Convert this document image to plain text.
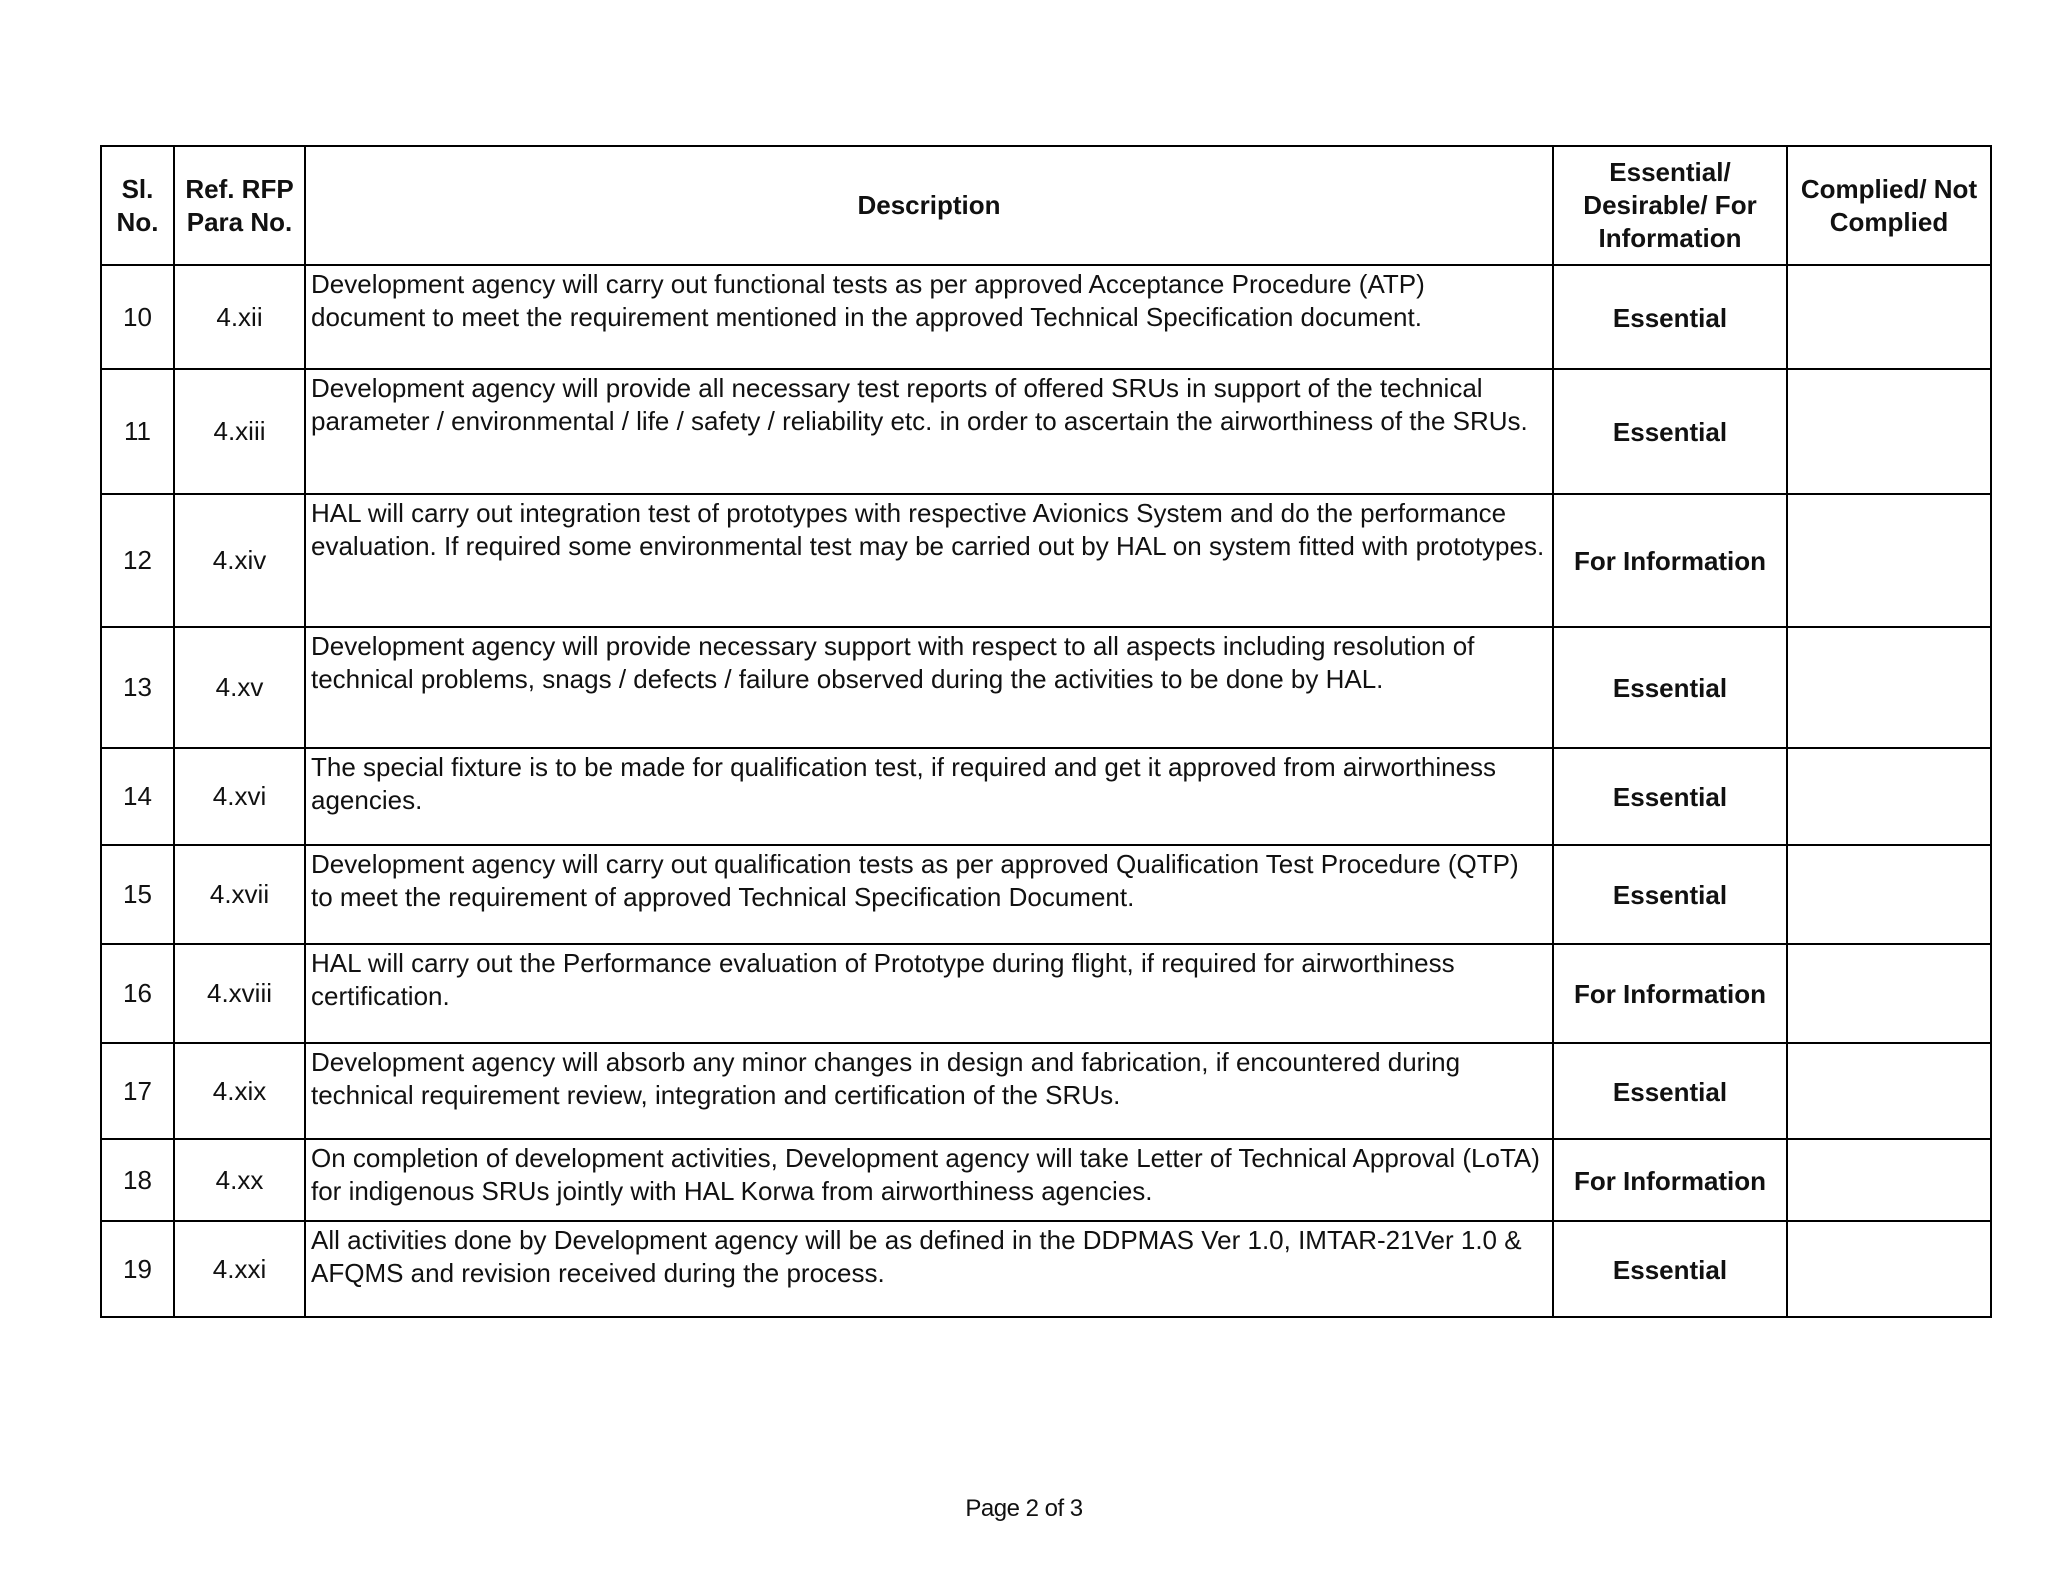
Sl. No.	Ref. RFP Para No.	Description	Essential/ Desirable/ For Information	Complied/ Not Complied
10	4.xii	Development agency will carry out functional tests as per approved Acceptance Procedure (ATP) document to meet the requirement mentioned in the approved Technical Specification document.	Essential	
11	4.xiii	Development agency will provide all necessary test reports of offered SRUs in support of the technical parameter / environmental / life / safety / reliability etc. in order to ascertain the airworthiness of the SRUs.	Essential	
12	4.xiv	HAL will carry out integration test of prototypes with respective Avionics System and do the performance evaluation. If required some environmental test may be carried out by HAL on system fitted with prototypes.	For Information	
13	4.xv	Development agency will provide necessary support with respect to all aspects including resolution of technical problems, snags / defects / failure observed during the activities to be done by HAL.	Essential	
14	4.xvi	The special fixture is to be made for qualification test, if required and get it approved from airworthiness agencies.	Essential	
15	4.xvii	Development agency will carry out qualification tests as per approved Qualification Test Procedure (QTP) to meet the requirement of approved Technical Specification Document.	Essential	
16	4.xviii	HAL will carry out the Performance evaluation of Prototype during flight, if required for airworthiness certification.	For Information	
17	4.xix	Development agency will absorb any minor changes in design and fabrication, if encountered during technical requirement review, integration and certification of the SRUs.	Essential	
18	4.xx	On completion of development activities, Development agency will take Letter of Technical Approval (LoTA) for indigenous SRUs jointly with HAL Korwa from airworthiness agencies.	For Information	
19	4.xxi	All activities done by Development agency will be as defined in the DDPMAS Ver 1.0, IMTAR-21Ver 1.0 & AFQMS and revision received during the process.	Essential	
Page 2 of 3
